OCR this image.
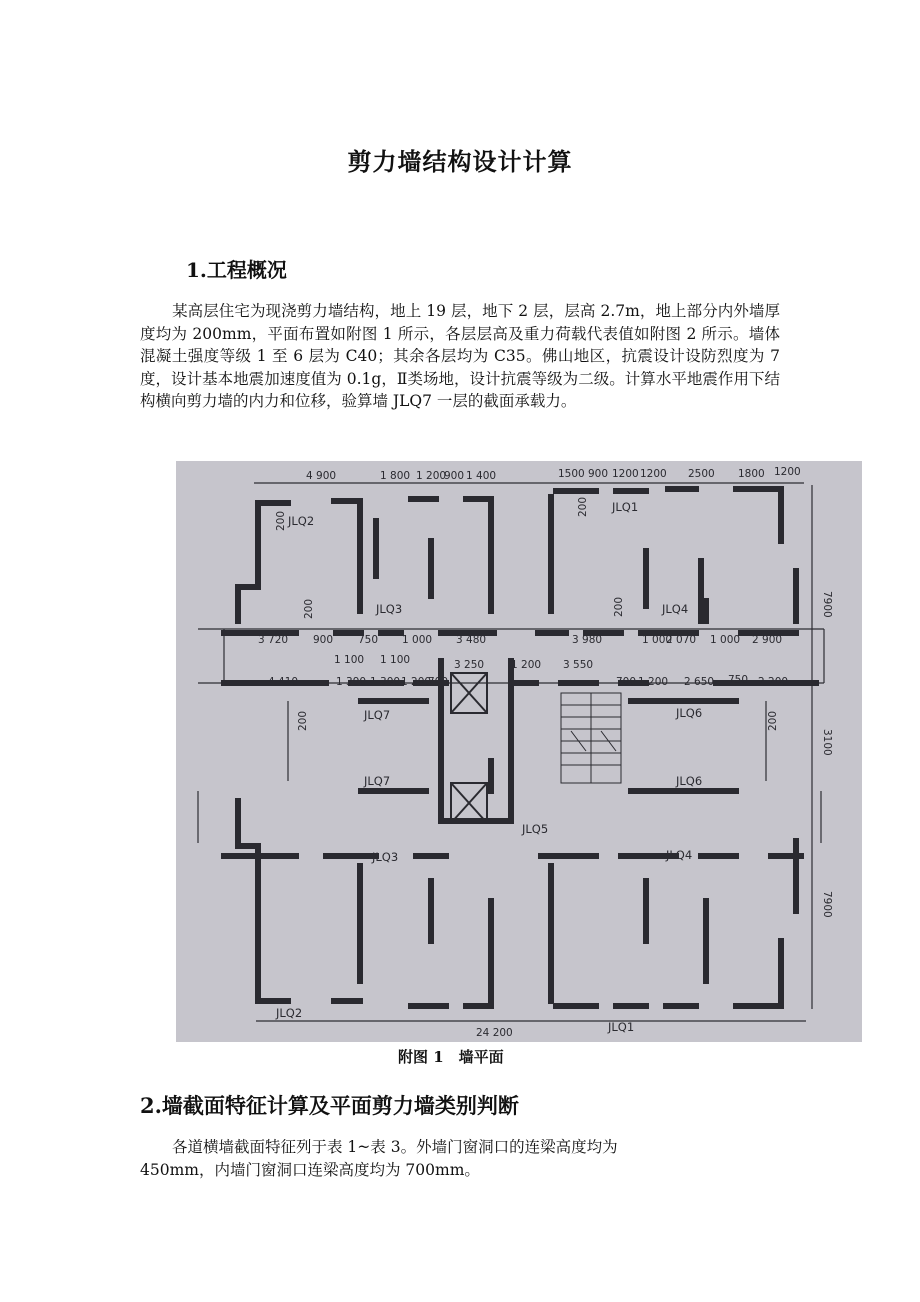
剪力墙结构设计计算
1.工程概况
某高层住宅为现浇剪力墙结构，地上 19 层，地下 2 层，层高 2.7m，地上部分内外墙厚度均为 200mm，平面布置如附图 1 所示，各层层高及重力荷载代表值如附图 2 所示。墙体混凝土强度等级 1 至 6 层为 C40；其余各层均为 C35。佛山地区，抗震设计设防烈度为 7 度，设计基本地震加速度值为 0.1g，Ⅱ类场地，设计抗震等级为二级。计算水平地震作用下结构横向剪力墙的内力和位移，验算墙 JLQ7 一层的截面承载力。
4 900	1 800 1 200
900 1 400	1500 900 1200 1200 2500 1800 1200
3 720 900 750 1 000 3 480	3 980	1 000
2 070 1 000 2 900
1 100 1 100
4 410	1 390 1 300 1 200
700
3 250	1 200 3 550
700 1 200 2 650 750 2 200
7900
3100
7900
200
200
200	200
200	200
24 200
JLQ2
JLQ1
JLQ3	JLQ4
JLQ7	JLQ6
JLQ7	JLQ6
JLQ5
JLQ3	JLQ4
JLQ2
JLQ1
附图 1　墙平面
2.墙截面特征计算及平面剪力墙类别判断
各道横墙截面特征列于表 1~表 3。外墙门窗洞口的连梁高度均为 450mm，内墙门窗洞口连梁高度均为 700mm。
